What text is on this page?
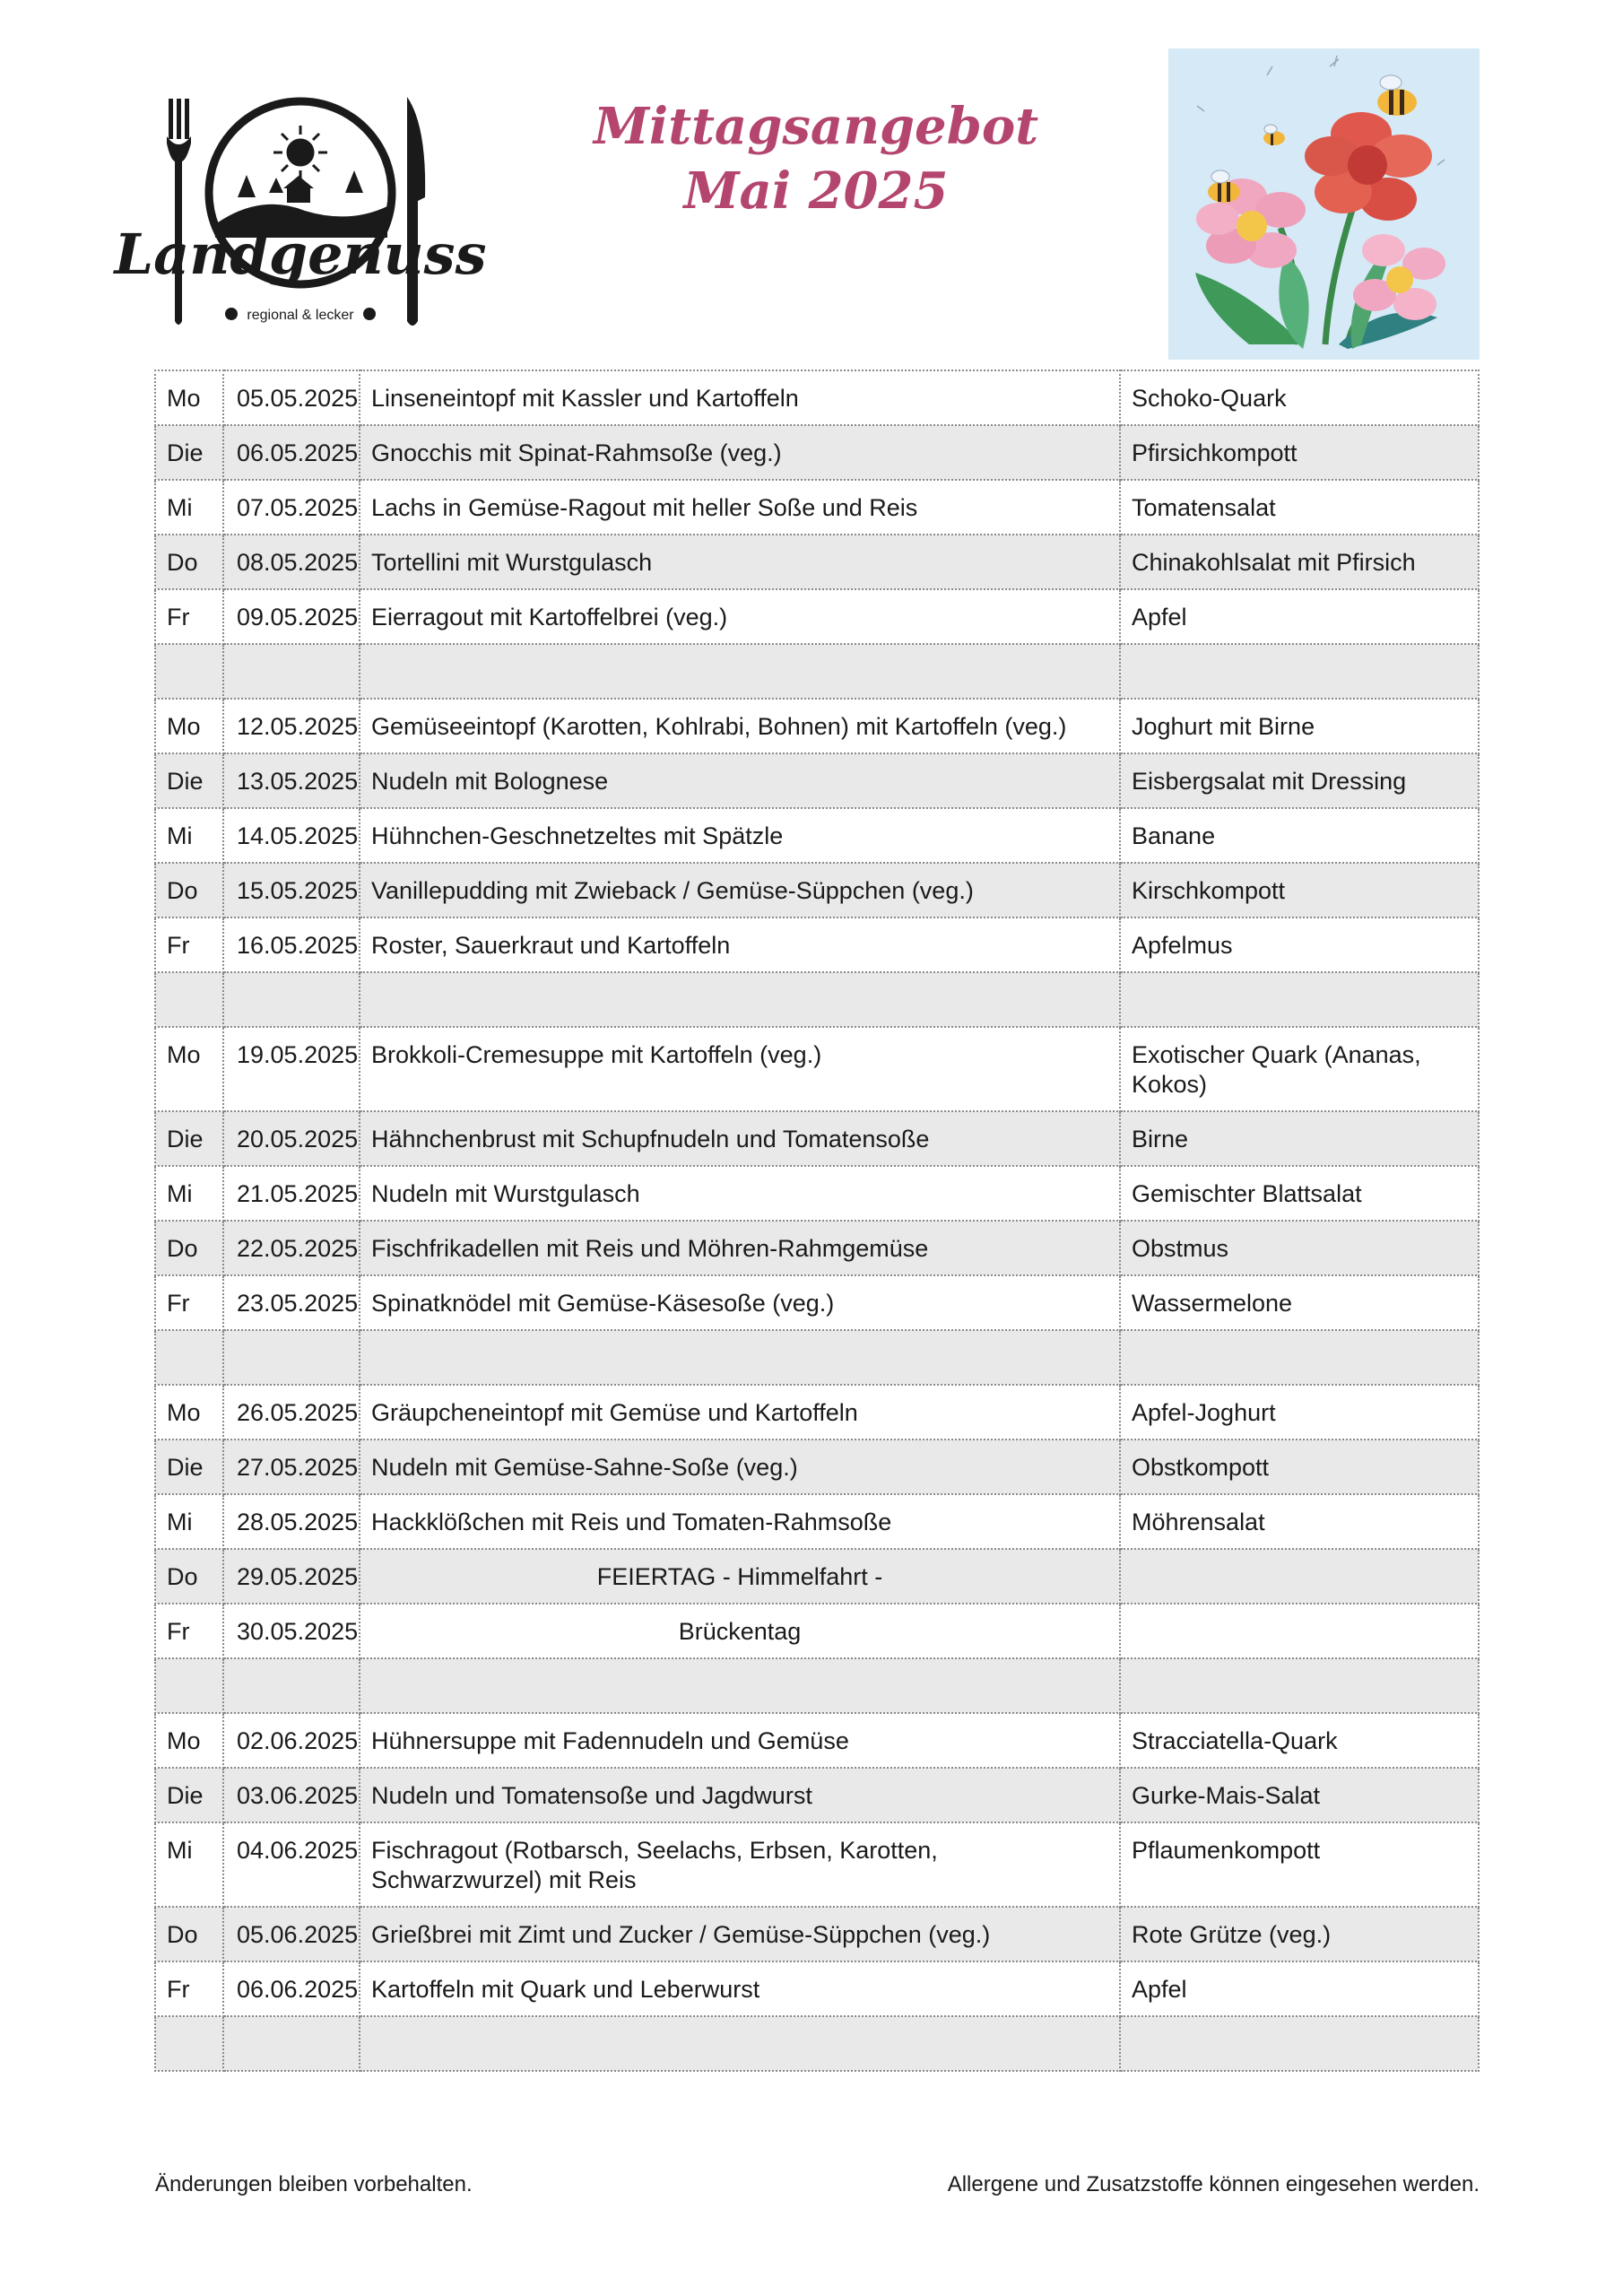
Landgenuss
regional & lecker
Mittagsangebot
Mai 2025
Mo	05.05.2025	Linseneintopf mit Kassler und Kartoffeln	Schoko-Quark
Die	06.05.2025	Gnocchis mit Spinat-Rahmsoße (veg.)	Pfirsichkompott
Mi	07.05.2025	Lachs in Gemüse-Ragout mit heller Soße und Reis	Tomatensalat
Do	08.05.2025	Tortellini mit Wurstgulasch	Chinakohlsalat mit Pfirsich
Fr	09.05.2025	Eierragout mit Kartoffelbrei (veg.)	Apfel

Mo	12.05.2025	Gemüseeintopf (Karotten, Kohlrabi, Bohnen) mit Kartoffeln (veg.)	Joghurt mit Birne
Die	13.05.2025	Nudeln mit Bolognese	Eisbergsalat mit Dressing
Mi	14.05.2025	Hühnchen-Geschnetzeltes mit Spätzle	Banane
Do	15.05.2025	Vanillepudding mit Zwieback / Gemüse-Süppchen (veg.)	Kirschkompott
Fr	16.05.2025	Roster, Sauerkraut und Kartoffeln	Apfelmus

Mo	19.05.2025	Brokkoli-Cremesuppe mit Kartoffeln (veg.)	Exotischer Quark (Ananas, Kokos)
Die	20.05.2025	Hähnchenbrust mit Schupfnudeln und Tomatensoße	Birne
Mi	21.05.2025	Nudeln mit Wurstgulasch	Gemischter Blattsalat
Do	22.05.2025	Fischfrikadellen mit Reis und Möhren-Rahmgemüse	Obstmus
Fr	23.05.2025	Spinatknödel mit Gemüse-Käsesoße (veg.)	Wassermelone

Mo	26.05.2025	Gräupcheneintopf mit Gemüse und Kartoffeln	Apfel-Joghurt
Die	27.05.2025	Nudeln mit Gemüse-Sahne-Soße (veg.)	Obstkompott
Mi	28.05.2025	Hackklößchen mit Reis und Tomaten-Rahmsoße	Möhrensalat
Do	29.05.2025	FEIERTAG - Himmelfahrt -	
Fr	30.05.2025	Brückentag	

Mo	02.06.2025	Hühnersuppe mit Fadennudeln und Gemüse	Stracciatella-Quark
Die	03.06.2025	Nudeln und Tomatensoße und Jagdwurst	Gurke-Mais-Salat
Mi	04.06.2025	Fischragout (Rotbarsch, Seelachs, Erbsen, Karotten, Schwarzwurzel) mit Reis	Pflaumenkompott
Do	05.06.2025	Grießbrei mit Zimt und Zucker / Gemüse-Süppchen (veg.)	Rote Grütze (veg.)
Fr	06.06.2025	Kartoffeln mit Quark und Leberwurst	Apfel

Änderungen bleiben vorbehalten.	Allergene und Zusatzstoffe können eingesehen werden.
